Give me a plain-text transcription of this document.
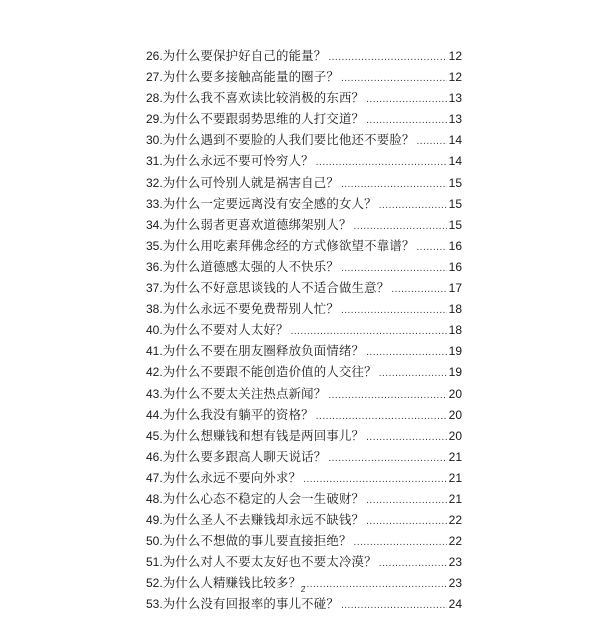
26. 为什么要保护好自己的能量？ .....	12
27. 为什么要多接触高能量的圈子？ .....	12
28. 为什么我不喜欢读比较消极的东西？ .....	13
29. 为什么不要跟弱势思维的人打交道？ .....	13
30. 为什么遇到不要脸的人我们要比他还不要脸？ .....	14
31. 为什么永远不要可怜穷人？ .....	14
32. 为什么可怜别人就是祸害自己？ .....	15
33. 为什么一定要远离没有安全感的女人？ .....	15
34. 为什么弱者更喜欢道德绑架别人？ .....	15
35. 为什么用吃素拜佛念经的方式修欲望不靠谱？ .....	16
36. 为什么道德感太强的人不快乐？ .....	16
37. 为什么不好意思谈钱的人不适合做生意？ .....	17
38. 为什么永远不要免费帮别人忙？ .....	18
40. 为什么不要对人太好？ .....	18
41. 为什么不要在朋友圈释放负面情绪？ .....	19
42. 为什么不要跟不能创造价值的人交往？ .....	19
43. 为什么不要太关注热点新闻？ .....	20
44. 为什么我没有躺平的资格？ .....	20
45. 为什么想赚钱和想有钱是两回事儿？ .....	20
46. 为什么要多跟高人聊天说话？ .....	21
47. 为什么永远不要向外求？ .....	21
48. 为什么心态不稳定的人会一生破财？ .....	21
49. 为什么圣人不去赚钱却永远不缺钱？ .....	22
50. 为什么不想做的事儿要直接拒绝？ .....	22
51. 为什么对人不要太友好也不要太冷漠？ .....	23
52. 为什么人精赚钱比较多？ .....	23
53. 为什么没有回报率的事儿不碰？ .....	24
2
